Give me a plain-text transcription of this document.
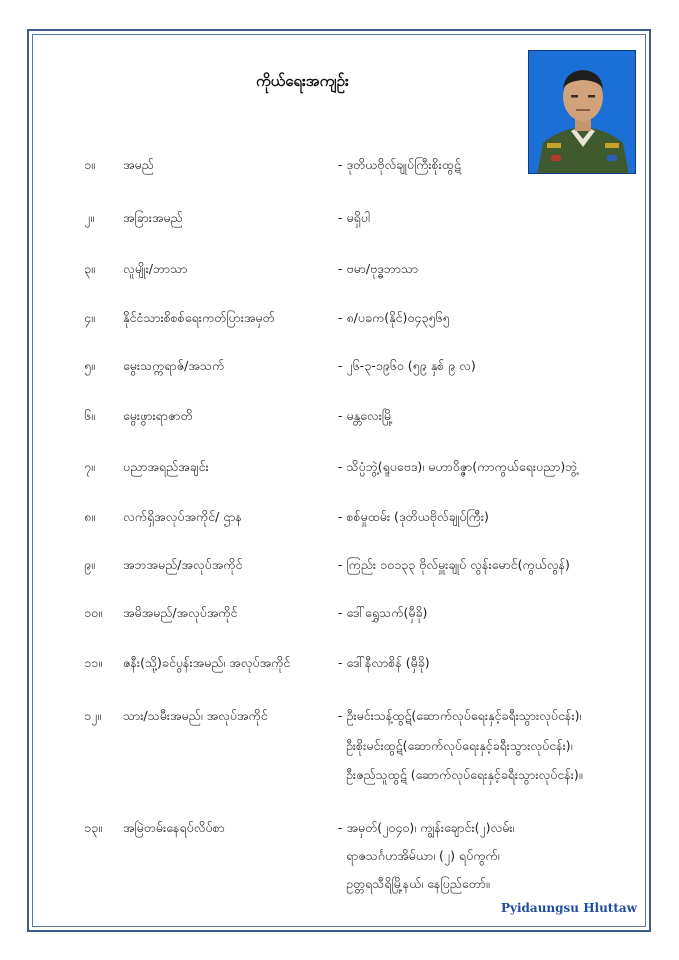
ကိုယ်ရေးအကျဉ်း
၁။ အမည်	- ဒုတိယဗိုလ်ချုပ်ကြီးစိုးထွဋ်
၂။ အခြားအမည်	- မရှိပါ
၃။ လူမျိုး/ဘာသာ	- ဗမာ/ဗုဒ္ဓဘာသာ
၄။ နိုင်ငံသားစိစစ်ရေးကတ်ပြားအမှတ်	- ၈/ပခက(နိုင်)၀၄၃၅၆၅
၅။ မွေးသက္ကရာဇ်/အသက်	- ၂၆-၃-၁၉၆၀ (၅၉ နှစ် ၉ လ)
၆။ မွေးဖွားရာဇာတိ	- မန္တလေးမြို့
၇။ ပညာအရည်အချင်း	- သိပ္ပံဘွဲ့(ရူပဗေဒ)၊ မဟာဝိဇ္ဇာ(ကာကွယ်ရေးပညာ)ဘွဲ့
၈။ လက်ရှိအလုပ်အကိုင်/ ဌာန	- စစ်မှုထမ်း (ဒုတိယဗိုလ်ချုပ်ကြီး)
၉။ အဘအမည်/အလုပ်အကိုင်	- ကြည်း ၁၀၁၃၃ ဗိုလ်မှူးချုပ် လွန်းမောင်(ကွယ်လွန်)
၁၀။ အမိအမည်/အလုပ်အကိုင်	- ဒေါ်ရွှေသက်(မှီခို)
၁၁။ ဇနီး(သို့)ခင်ပွန်းအမည်၊ အလုပ်အကိုင်	- ဒေါ်နီလာစိန် (မှီခို)
၁၂။ သား/သမီးအမည်၊ အလုပ်အကိုင်	- ဦးမင်းသန့်ထွဋ်(ဆောက်လုပ်ရေးနှင့်ခရီးသွားလုပ်ငန်း)၊
ဦးစိုးမင်းထွဋ်(ဆောက်လုပ်ရေးနှင့်ခရီးသွားလုပ်ငန်း)၊
ဦးဇည်သူထွဋ် (ဆောက်လုပ်ရေးနှင့်ခရီးသွားလုပ်ငန်း)။
၁၃။ အမြဲတမ်းနေရပ်လိပ်စာ	- အမှတ်(၂၀၄၀)၊ ကျွန်းချောင်း(၂)လမ်း၊
ရာဇသင်္ဂဟအိမ်ယာ၊ (၂) ရပ်ကွက်၊
ဥတ္တရသီရိမြို့နယ်၊ နေပြည်တော်။
Pyidaungsu Hluttaw
